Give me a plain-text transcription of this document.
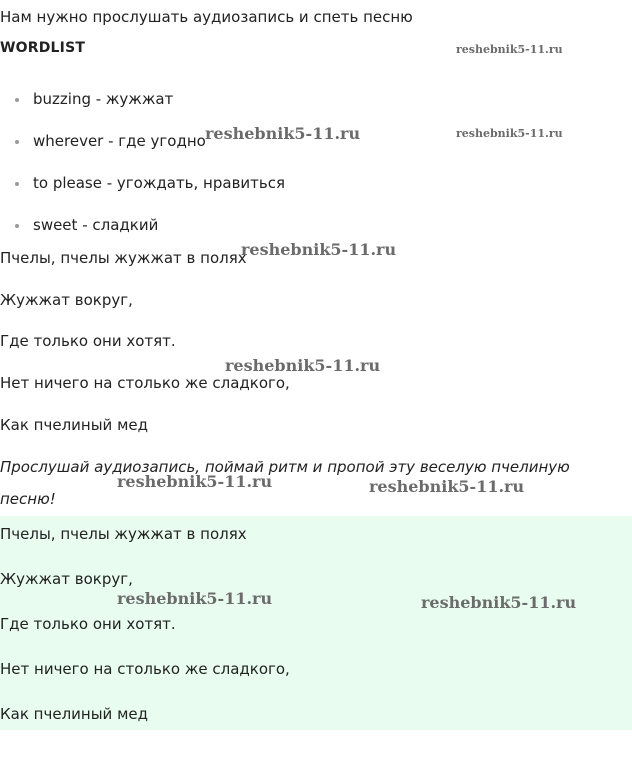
Нам нужно прослушать аудиозапись и спеть песню
WORDLIST
buzzing - жужжат
wherever - где угодно
to please - угождать, нравиться
sweet - сладкий
Пчелы, пчелы жужжат в полях
Жужжат вокруг,
Где только они хотят.
Нет ничего на столько же сладкого,
Как пчелиный мед
Прослушай аудиозапись, поймай ритм и пропой эту веселую пчелиную
песню!
Пчелы, пчелы жужжат в полях
Жужжат вокруг,
Где только они хотят.
Нет ничего на столько же сладкого,
Как пчелиный мед
reshebnik5-11.ru
reshebnik5-11.ru	reshebnik5-11.ru
reshebnik5-11.ru
reshebnik5-11.ru
reshebnik5-11.ru	reshebnik5-11.ru
reshebnik5-11.ru	reshebnik5-11.ru
